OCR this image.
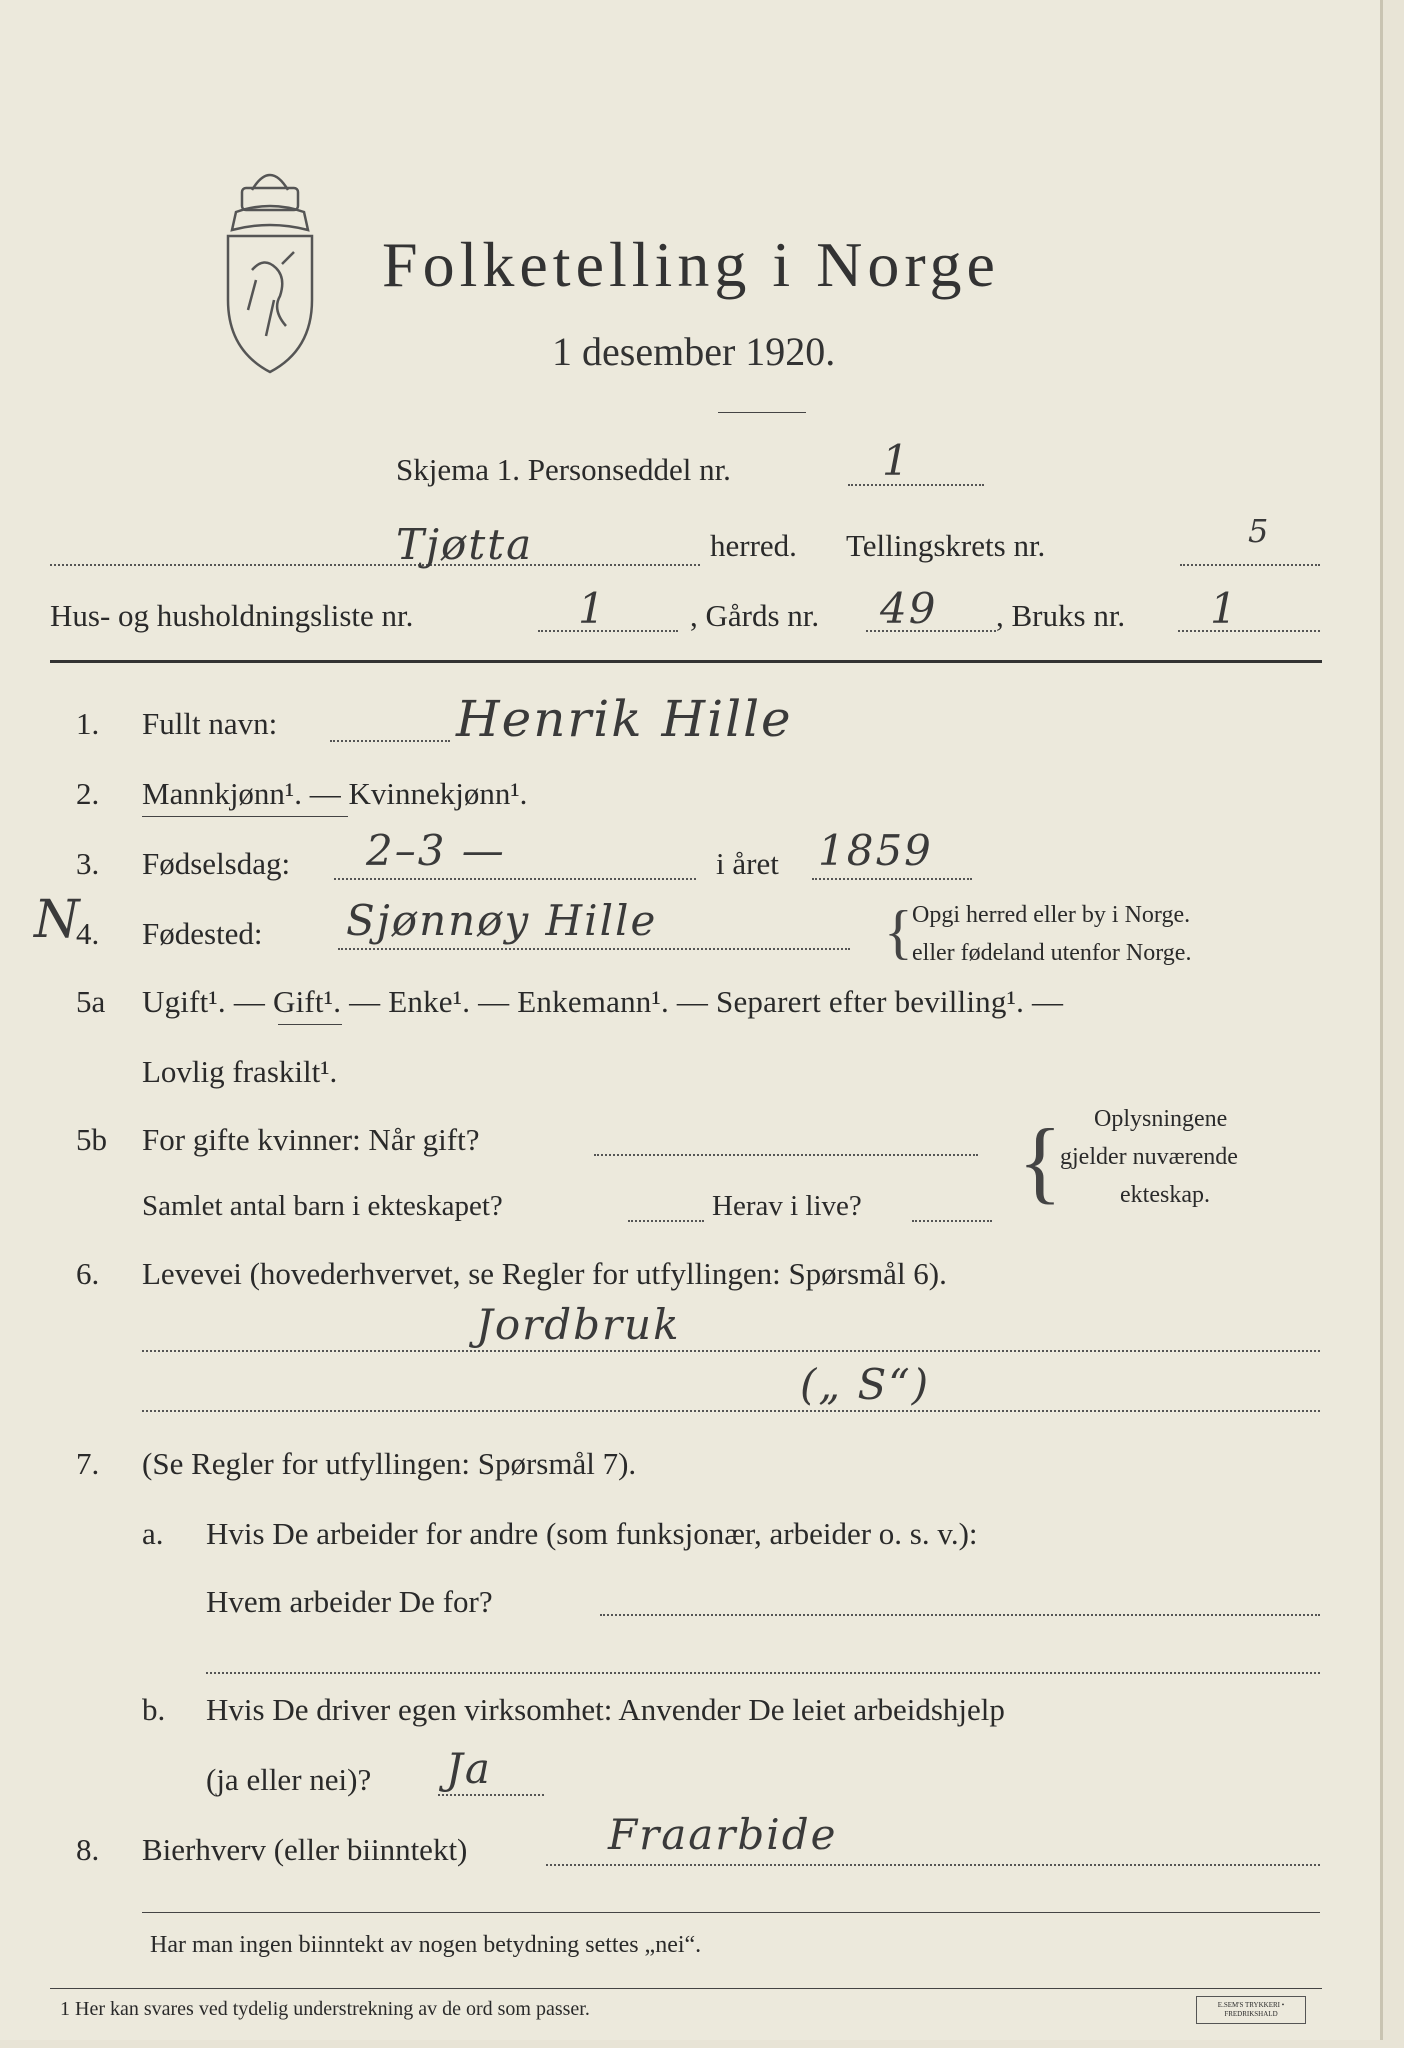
Folketelling i Norge
1 desember 1920.
Skjema 1. Personseddel nr.	1
Tjøtta	herred. Tellingskrets nr.	5
Hus- og husholdningsliste nr.	1	, Gårds nr. 49 , Bruks nr. 1
1. Fullt navn:	Henrik Hille
2. Mannkjønn¹. — Kvinnekjønn¹.
3. Fødselsdag: 2–3 —	i året 1859
N
4. Fødested: Sjønnøy Hille	{ Opgi herred eller by i Norge.
eller fødeland utenfor Norge.
5a Ugift¹. — Gift¹. — Enke¹. — Enkemann¹. — Separert efter bevilling¹. —
Lovlig fraskilt¹.
5b For gifte kvinner: Når gift?
Samlet antal barn i ekteskapet?	Herav i live? { Oplysningene
gjelder nuværende
ekteskap.
6. Levevei (hovederhvervet, se Regler for utfyllingen: Spørsmål 6).
Jordbruk
(„ S“)
7. (Se Regler for utfyllingen: Spørsmål 7).
a. Hvis De arbeider for andre (som funksjonær, arbeider o. s. v.):
Hvem arbeider De for?
b. Hvis De driver egen virksomhet: Anvender De leiet arbeidshjelp
(ja eller nei)? Ja
8. Bierhverv (eller biinntekt)	Fraarbide
Har man ingen biinntekt av nogen betydning settes „nei“.
1 Her kan svares ved tydelig understrekning av de ord som passer.	E.SEM'S TRYKKERI • FREDRIKSHALD
